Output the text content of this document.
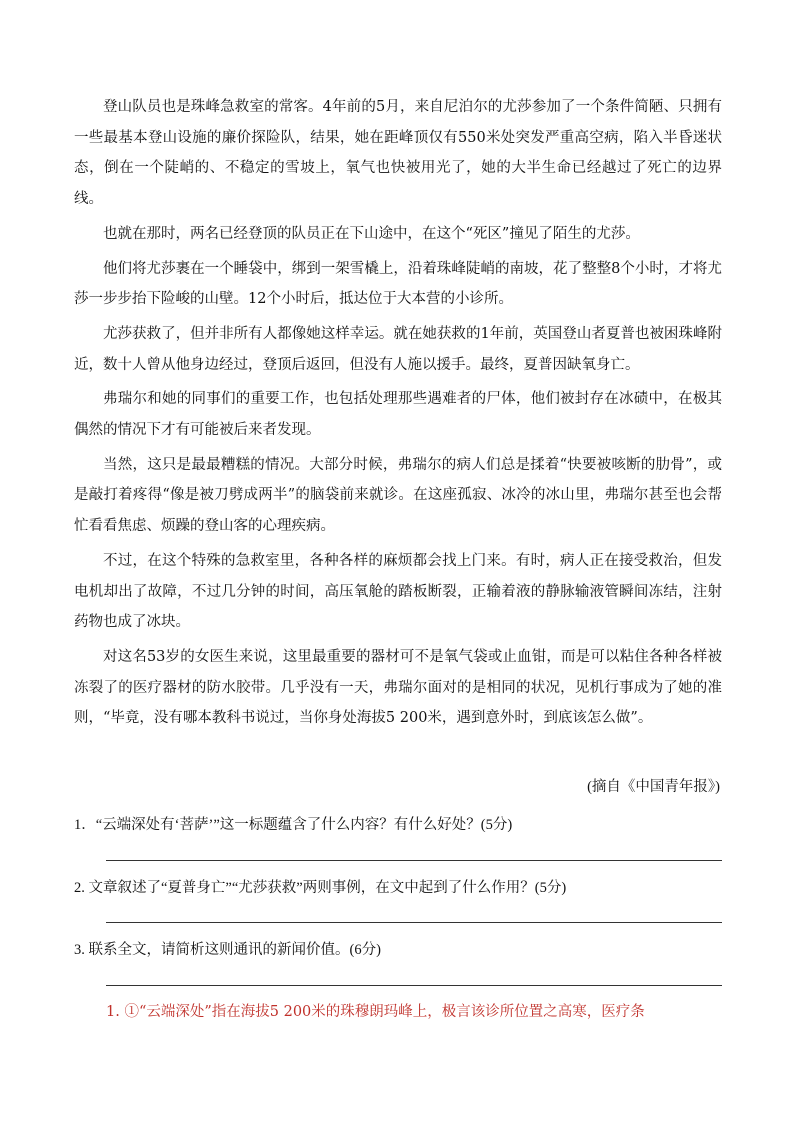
登山队员也是珠峰急救室的常客。4年前的5月，来自尼泊尔的尤莎参加了一个条件简陋、只拥有一些最基本登山设施的廉价探险队，结果，她在距峰顶仅有550米处突发严重高空病，陷入半昏迷状态，倒在一个陡峭的、不稳定的雪坡上，氧气也快被用光了，她的大半生命已经越过了死亡的边界线。

也就在那时，两名已经登顶的队员正在下山途中，在这个“死区”撞见了陌生的尤莎。

他们将尤莎裹在一个睡袋中，绑到一架雪橇上，沿着珠峰陡峭的南坡，花了整整8个小时，才将尤莎一步步抬下险峻的山壁。12个小时后，抵达位于大本营的小诊所。

尤莎获救了，但并非所有人都像她这样幸运。就在她获救的1年前，英国登山者夏普也被困珠峰附近，数十人曾从他身边经过，登顶后返回，但没有人施以援手。最终，夏普因缺氧身亡。

弗瑞尔和她的同事们的重要工作，也包括处理那些遇难者的尸体，他们被封存在冰碛中，在极其偶然的情况下才有可能被后来者发现。

当然，这只是最最糟糕的情况。大部分时候，弗瑞尔的病人们总是揉着“快要被咳断的肋骨”，或是敲打着疼得“像是被刀劈成两半”的脑袋前来就诊。在这座孤寂、冰冷的冰山里，弗瑞尔甚至也会帮忙看看焦虑、烦躁的登山客的心理疾病。

不过，在这个特殊的急救室里，各种各样的麻烦都会找上门来。有时，病人正在接受救治，但发电机却出了故障，不过几分钟的时间，高压氧舱的踏板断裂，正输着液的静脉输液管瞬间冻结，注射药物也成了冰块。

对这名53岁的女医生来说，这里最重要的器材可不是氧气袋或止血钳，而是可以粘住各种各样被冻裂了的医疗器材的防水胶带。几乎没有一天，弗瑞尔面对的是相同的状况，见机行事成为了她的准则，“毕竟，没有哪本教科书说过，当你身处海拔5 200米，遇到意外时，到底该怎么做”。

(摘自《中国青年报》)
1．“云端深处有‘菩萨’”这一标题蕴含了什么内容？有什么好处？(5分)
2. 文章叙述了“夏普身亡”“尤莎获救”两则事例，在文中起到了什么作用？(5分)
3. 联系全文，请简析这则通讯的新闻价值。(6分)
1. ①“云端深处”指在海拔5 200米的珠穆朗玛峰上，极言该诊所位置之高寒，医疗条
